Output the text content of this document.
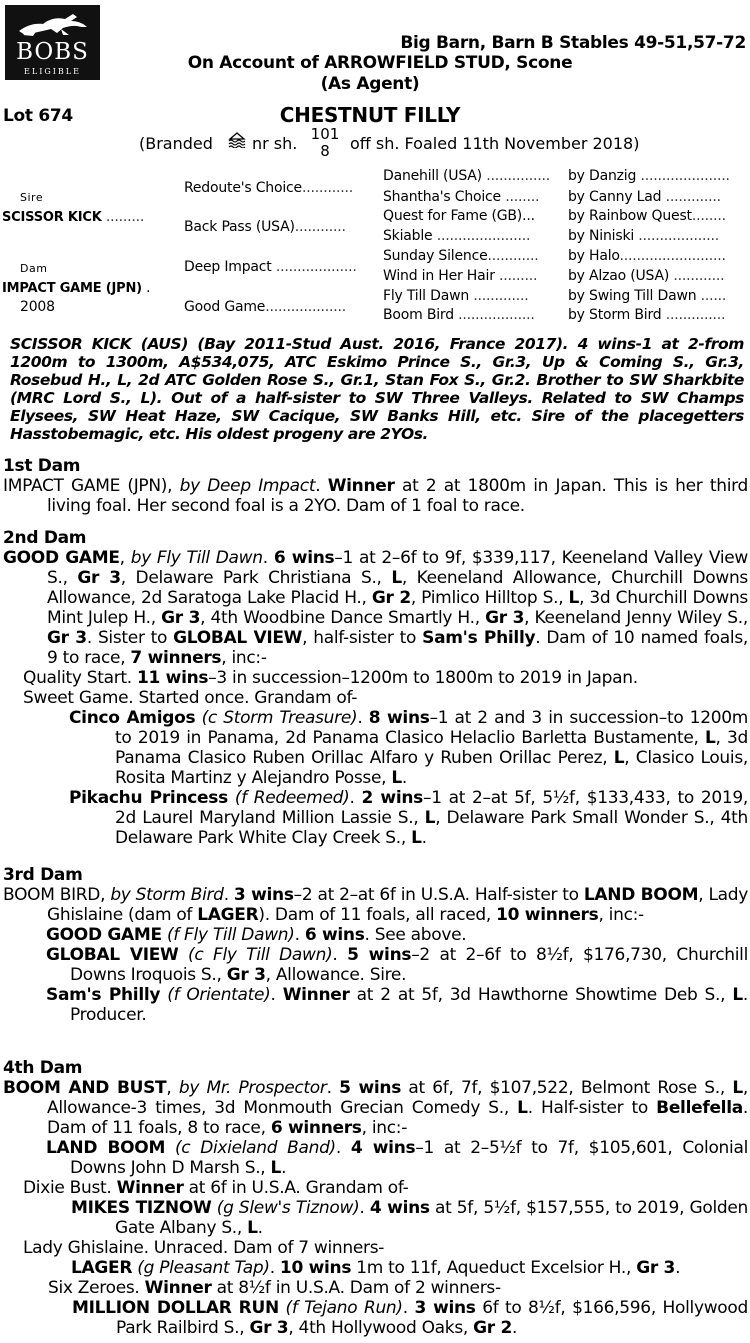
BOBS
ELIGIBLE
Big Barn, Barn B Stables 49-51,57-72
On Account of ARROWFIELD STUD, Scone
(As Agent)
Lot 674	CHESTNUT FILLY
(Branded nr sh. 101
8	off sh. Foaled 11th November 2018)
Sire
SCISSOR KICK .........
Dam
IMPACT GAME (JPN) .
2008
Redoute's Choice............
Back Pass (USA)............
Deep Impact ...................
Good Game...................
Danehill (USA) ...............
Shantha's Choice ........
Quest for Fame (GB)...
Skiable ......................
Sunday Silence............
Wind in Her Hair .........
Fly Till Dawn .............
Boom Bird ..................
by Danzig .....................
by Canny Lad .............
by Rainbow Quest........
by Niniski ...................
by Halo.........................
by Alzao (USA) ............
by Swing Till Dawn ......
by Storm Bird ..............
SCISSOR KICK (AUS) (Bay 2011-Stud Aust. 2016, France 2017). 4 wins-1 at 2-from 1200m to 1300m, A$534,075, ATC Eskimo Prince S., Gr.3, Up & Coming S., Gr.3, Rosebud H., L, 2d ATC Golden Rose S., Gr.1, Stan Fox S., Gr.2. Brother to SW Sharkbite (MRC Lord S., L). Out of a half-sister to SW Three Valleys. Related to SW Champs Elysees, SW Heat Haze, SW Cacique, SW Banks Hill, etc. Sire of the placegetters Hasstobemagic, etc. His oldest progeny are 2YOs.
1st Dam

IMPACT GAME (JPN), by Deep Impact. Winner at 2 at 1800m in Japan. This is her third living foal. Her second foal is a 2YO. Dam of 1 foal to race.

2nd Dam

GOOD GAME, by Fly Till Dawn. 6 wins–1 at 2–6f to 9f, $339,117, Keeneland Valley View S., Gr 3, Delaware Park Christiana S., L, Keeneland Allowance, Churchill Downs Allowance, 2d Saratoga Lake Placid H., Gr 2, Pimlico Hilltop S., L, 3d Churchill Downs Mint Julep H., Gr 3, 4th Woodbine Dance Smartly H., Gr 3, Keeneland Jenny Wiley S., Gr 3. Sister to GLOBAL VIEW, half-sister to Sam's Philly. Dam of 10 named foals, 9 to race, 7 winners, inc:-

Quality Start. 11 wins–3 in succession–1200m to 1800m to 2019 in Japan.

Sweet Game. Started once. Grandam of-

Cinco Amigos (c Storm Treasure). 8 wins–1 at 2 and 3 in succession–to 1200m to 2019 in Panama, 2d Panama Clasico Helaclio Barletta Bustamente, L, 3d Panama Clasico Ruben Orillac Alfaro y Ruben Orillac Perez, L, Clasico Louis, Rosita Martinz y Alejandro Posse, L.

Pikachu Princess (f Redeemed). 2 wins–1 at 2–at 5f, 5½f, $133,433, to 2019, 2d Laurel Maryland Million Lassie S., L, Delaware Park Small Wonder S., 4th Delaware Park White Clay Creek S., L.

3rd Dam

BOOM BIRD, by Storm Bird. 3 wins–2 at 2–at 6f in U.S.A. Half-sister to LAND BOOM, Lady Ghislaine (dam of LAGER). Dam of 11 foals, all raced, 10 winners, inc:-

GOOD GAME (f Fly Till Dawn). 6 wins. See above.

GLOBAL VIEW (c Fly Till Dawn). 5 wins–2 at 2–6f to 8½f, $176,730, Churchill Downs Iroquois S., Gr 3, Allowance. Sire.

Sam's Philly (f Orientate). Winner at 2 at 5f, 3d Hawthorne Showtime Deb S., L. Producer.

4th Dam

BOOM AND BUST, by Mr. Prospector. 5 wins at 6f, 7f, $107,522, Belmont Rose S., L, Allowance-3 times, 3d Monmouth Grecian Comedy S., L. Half-sister to Bellefella. Dam of 11 foals, 8 to race, 6 winners, inc:-

LAND BOOM (c Dixieland Band). 4 wins–1 at 2–5½f to 7f, $105,601, Colonial Downs John D Marsh S., L.

Dixie Bust. Winner at 6f in U.S.A. Grandam of-

MIKES TIZNOW (g Slew's Tiznow). 4 wins at 5f, 5½f, $157,555, to 2019, Golden Gate Albany S., L.

Lady Ghislaine. Unraced. Dam of 7 winners-

LAGER (g Pleasant Tap). 10 wins 1m to 11f, Aqueduct Excelsior H., Gr 3.

Six Zeroes. Winner at 8½f in U.S.A. Dam of 2 winners-

MILLION DOLLAR RUN (f Tejano Run). 3 wins 6f to 8½f, $166,596, Hollywood Park Railbird S., Gr 3, 4th Hollywood Oaks, Gr 2.
